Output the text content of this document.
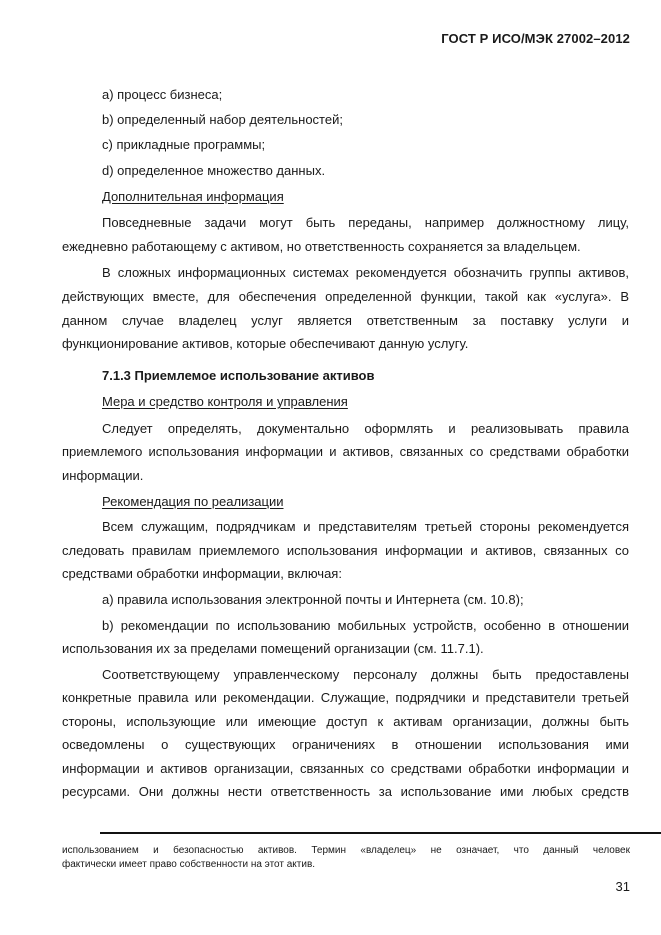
ГОСТ Р ИСО/МЭК 27002–2012
a) процесс бизнеса;
b) определенный набор деятельностей;
c) прикладные программы;
d) определенное множество данных.
Дополнительная информация
Повседневные задачи могут быть переданы, например должностному лицу,
ежедневно работающему с активом, но ответственность сохраняется за владельцем.
В сложных информационных системах рекомендуется обозначить группы активов,
действующих вместе, для обеспечения определенной функции, такой как «услуга». В
данном случае владелец услуг является ответственным за поставку услуги и
функционирование активов, которые обеспечивают данную услугу.
7.1.3 Приемлемое использование активов
Мера и средство контроля и управления
Следует определять, документально оформлять и реализовывать правила
приемлемого использования информации и активов, связанных со средствами обработки
информации.
Рекомендация по реализации
Всем служащим, подрядчикам и представителям третьей стороны рекомендуется
следовать правилам приемлемого использования информации и активов, связанных со
средствами обработки информации, включая:
a) правила использования электронной почты и Интернета (см. 10.8);
b) рекомендации по использованию мобильных устройств, особенно в отношении
использования их за пределами помещений организации (см. 11.7.1).
Соответствующему управленческому персоналу должны быть предоставлены
конкретные правила или рекомендации. Служащие, подрядчики и представители третьей
стороны, использующие или имеющие доступ к активам организации, должны быть
осведомлены о существующих ограничениях в отношении использования ими
информации и активов организации, связанных со средствами обработки информации и
ресурсами. Они должны нести ответственность за использование ими любых средств
использованием и безопасностью активов. Термин «владелец» не означает, что данный человек
фактически имеет право собственности на этот актив.
31
